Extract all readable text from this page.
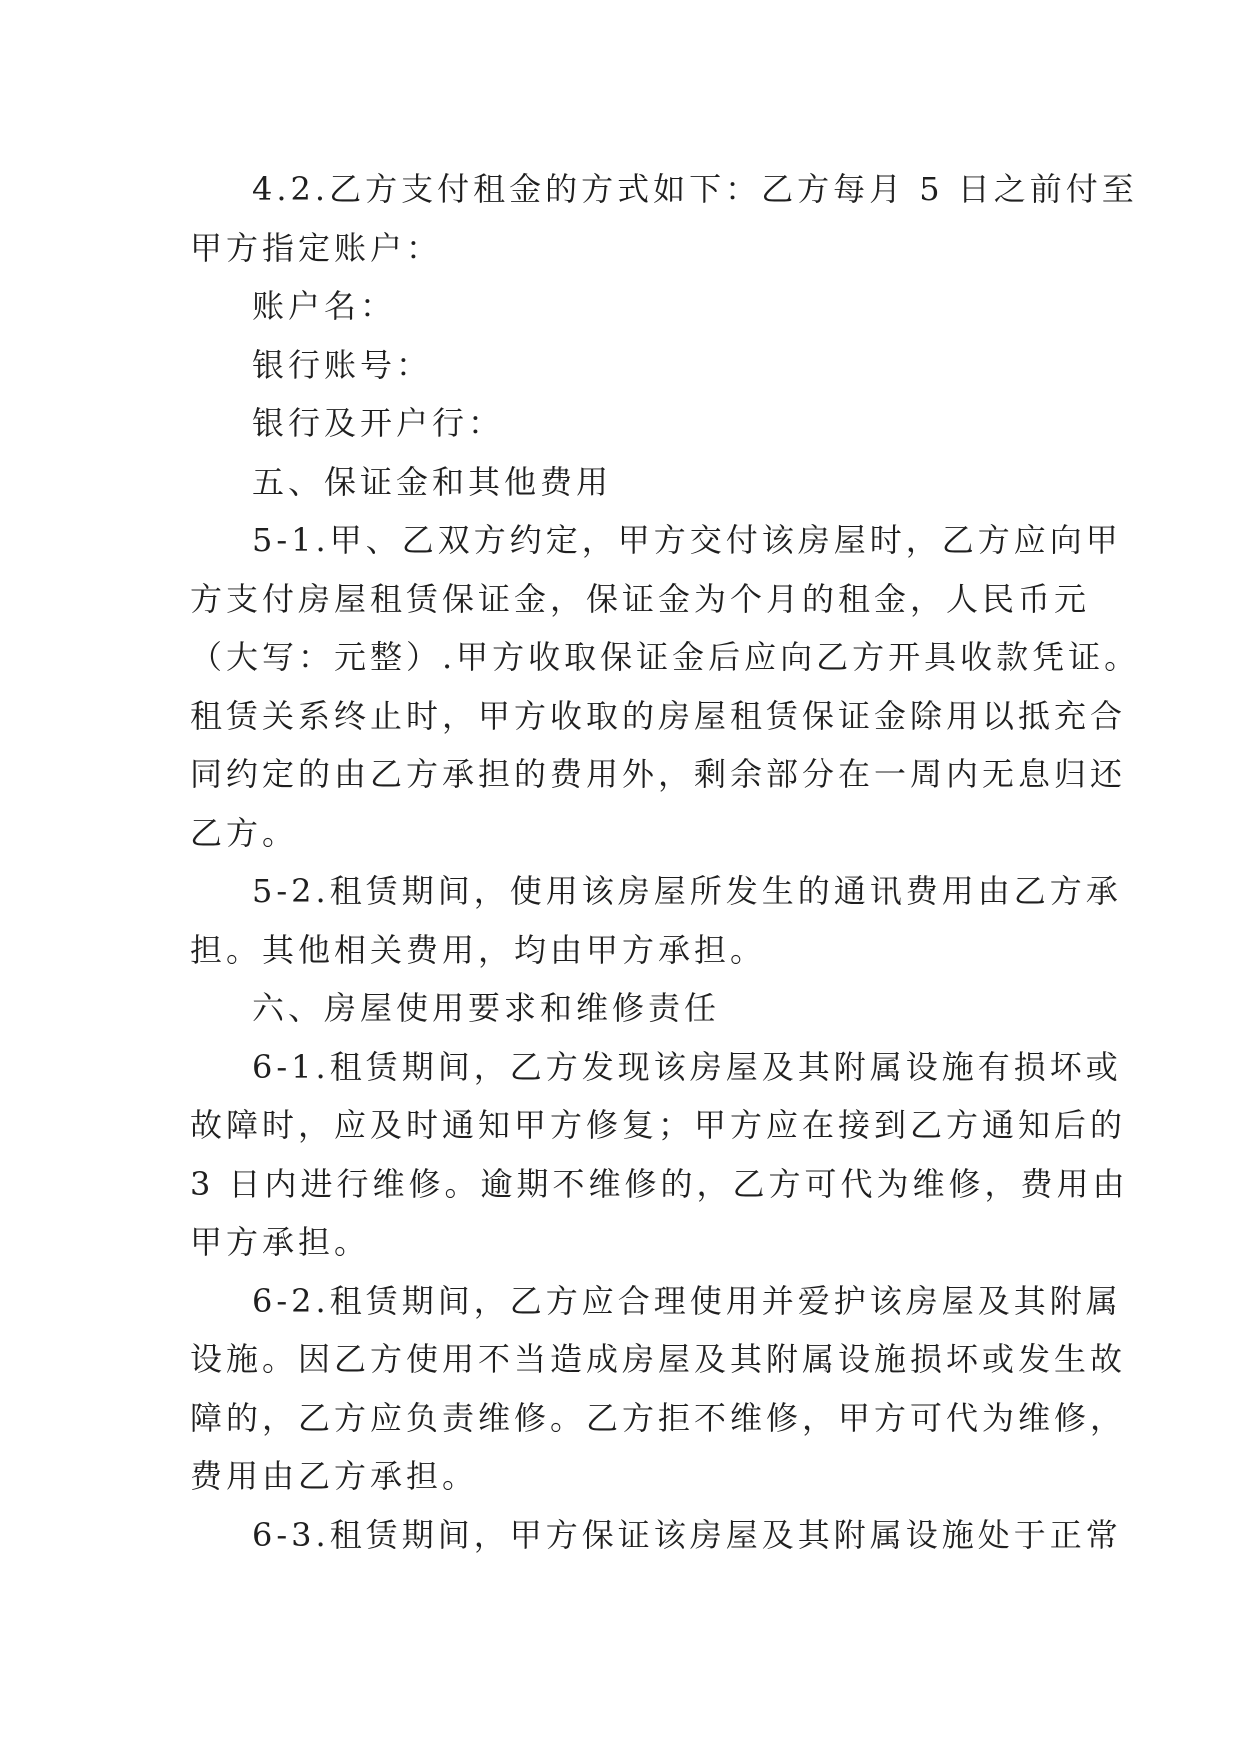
4.2.乙方支付租金的方式如下：乙方每月 5 日之前付至
甲方指定账户：
账户名：
银行账号：
银行及开户行：
五、保证金和其他费用
5-1.甲、乙双方约定，甲方交付该房屋时，乙方应向甲
方支付房屋租赁保证金，保证金为个月的租金，人民币元
（大写：元整）.甲方收取保证金后应向乙方开具收款凭证。
租赁关系终止时，甲方收取的房屋租赁保证金除用以抵充合
同约定的由乙方承担的费用外，剩余部分在一周内无息归还
乙方。
5-2.租赁期间，使用该房屋所发生的通讯费用由乙方承
担。其他相关费用，均由甲方承担。
六、房屋使用要求和维修责任
6-1.租赁期间，乙方发现该房屋及其附属设施有损坏或
故障时，应及时通知甲方修复；甲方应在接到乙方通知后的
3 日内进行维修。逾期不维修的，乙方可代为维修，费用由
甲方承担。
6-2.租赁期间，乙方应合理使用并爱护该房屋及其附属
设施。因乙方使用不当造成房屋及其附属设施损坏或发生故
障的，乙方应负责维修。乙方拒不维修，甲方可代为维修，
费用由乙方承担。
6-3.租赁期间，甲方保证该房屋及其附属设施处于正常
